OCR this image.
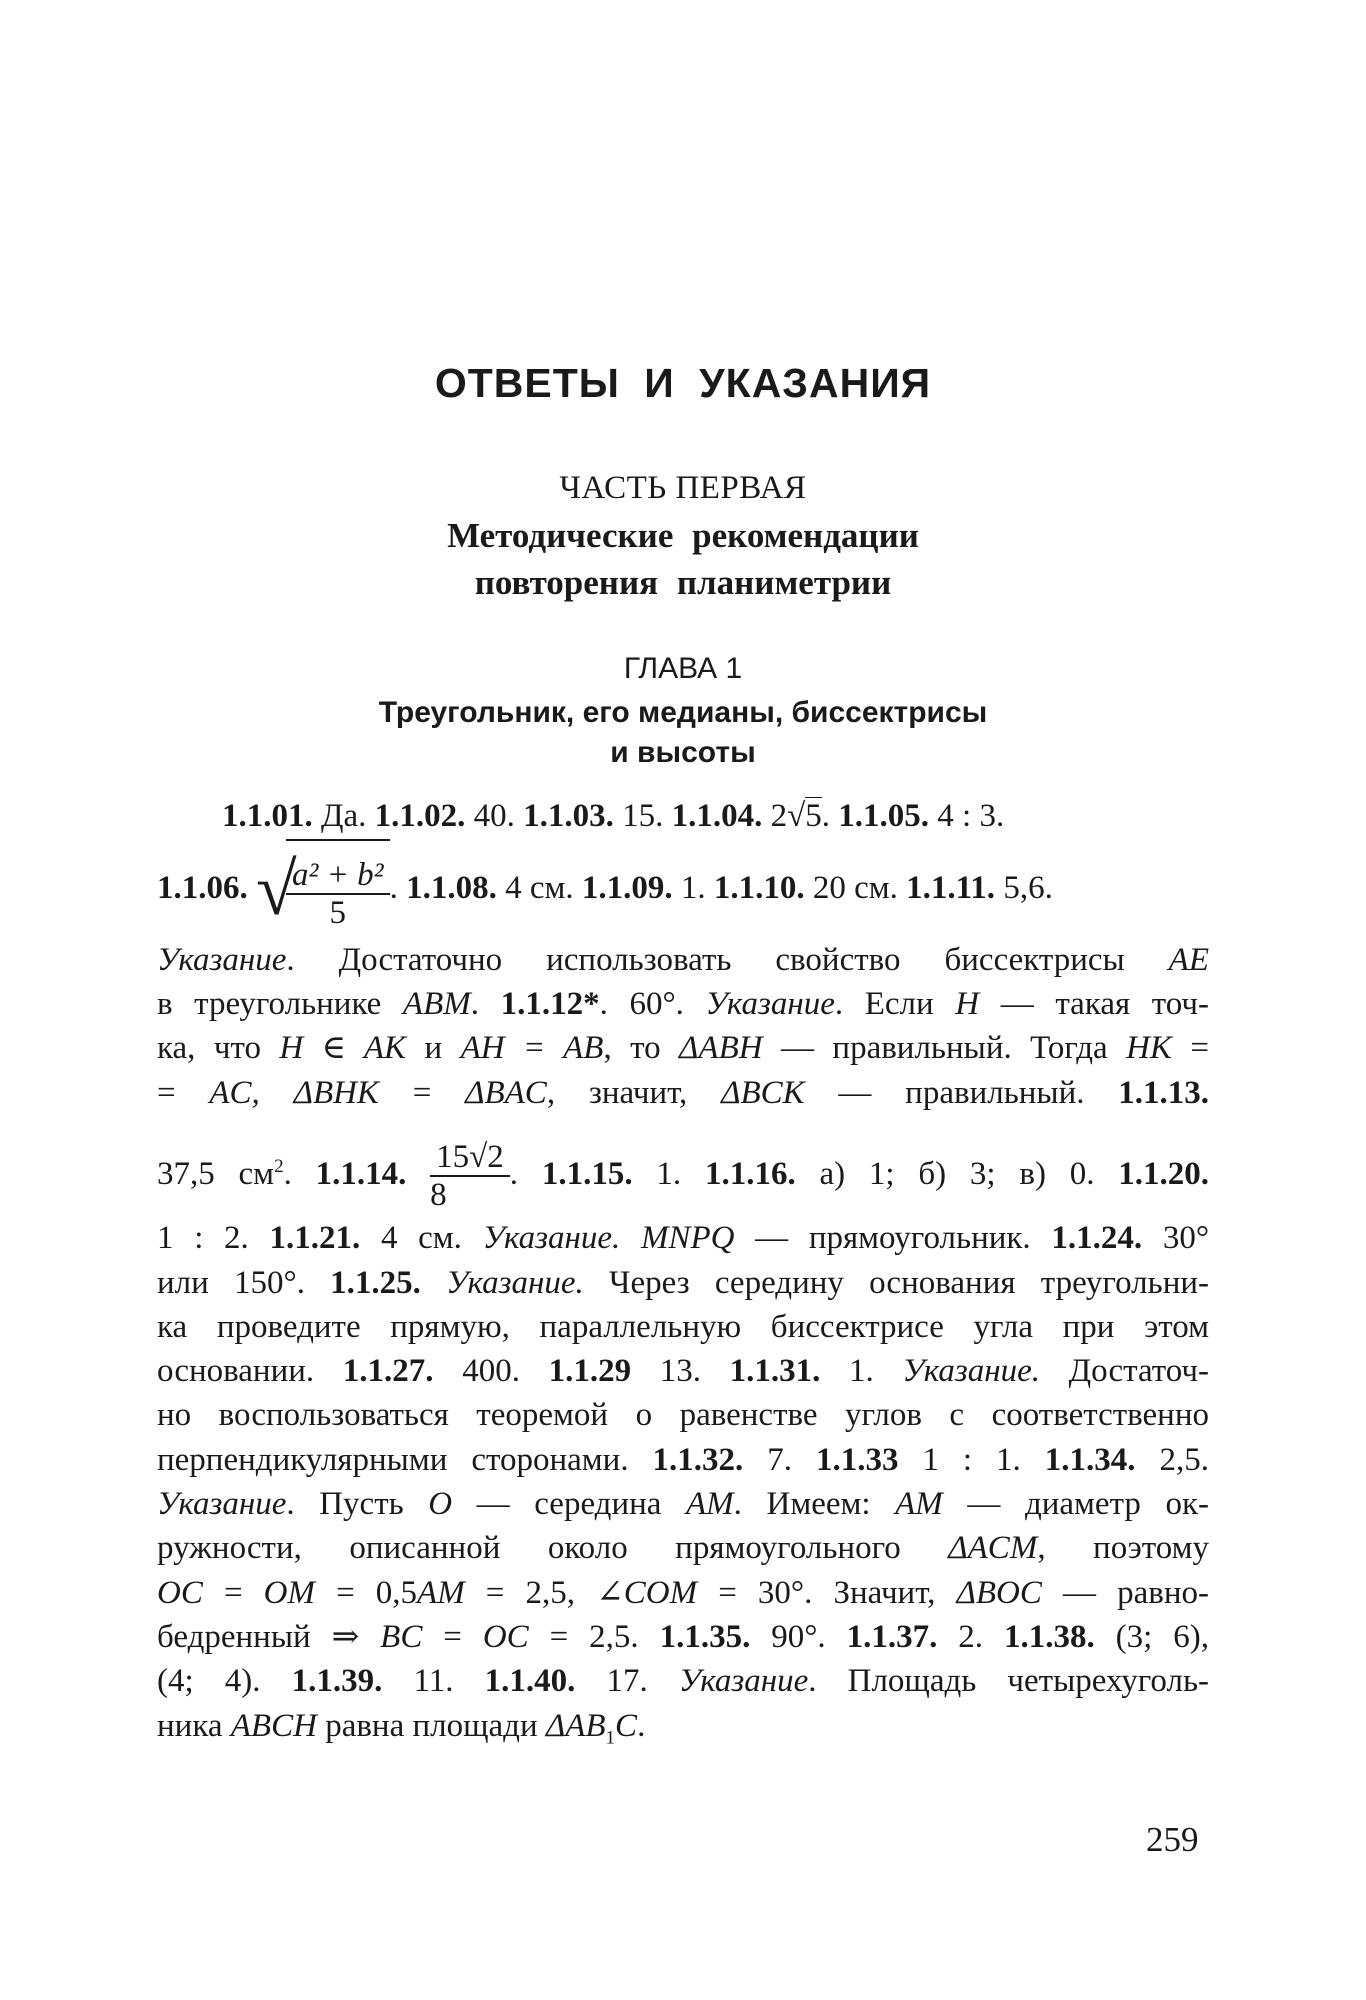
ОТВЕТЫ И УКАЗАНИЯ
ЧАСТЬ ПЕРВАЯ
Методические рекомендации
повторения планиметрии
ГЛАВА 1
Треугольник, его медианы, биссектрисы
и высоты
1.1.01. Да. 1.1.02. 40. 1.1.03. 15. 1.1.04. 2√5. 1.1.05. 4 : 3.
1.1.06. √
$\frac{\text{a² + b²}}{5}$ . 1.1.08. 4 см. 1.1.09. 1. 1.1.10. 20 см. 1.1.11. 5,6.
Указание. Достаточно использовать свойство биссектрисы AE
в треугольнике ABM. 1.1.12*. 60°. Указание. Если H — такая точ-
ка, что H ∈ AK и AH = AB, то ΔABH — правильный. Тогда HK =
= AC, ΔBHK = ΔBAC, значит, ΔBCK — правильный. 1.1.13.
37,5 $см^2$. 1.1.14. $\frac{15√2}{8}$ . 1.1.15. 1. 1.1.16. а) 1; б) 3; в) 0. 1.1.20.
1 : 2. 1.1.21. 4 см. Указание. MNPQ — прямоугольник. 1.1.24. 30°
или 150°. 1.1.25. Указание. Через середину основания треугольни-
ка проведите прямую, параллельную биссектрисе угла при этом
основании. 1.1.27. 400. 1.1.29 13. 1.1.31. 1. Указание. Достаточ-
но воспользоваться теоремой о равенстве углов с соответственно
перпендикулярными сторонами. 1.1.32. 7. 1.1.33 1 : 1. 1.1.34. 2,5.
Указание. Пусть O — середина AM. Имеем: AM — диаметр ок-
ружности, описанной около прямоугольного ΔACM, поэтому
OC = OM = 0,5AM = 2,5, ∠COM = 30°. Значит, ΔBOC — равно-
бедренный ⇒ BC = OC = 2,5. 1.1.35. 90°. 1.1.37. 2. 1.1.38. (3; 6),
(4; 4). 1.1.39. 11. 1.1.40. 17. Указание. Площадь четырехуголь-
ника ABCH равна площади $\Delta AB_1C$.
259
